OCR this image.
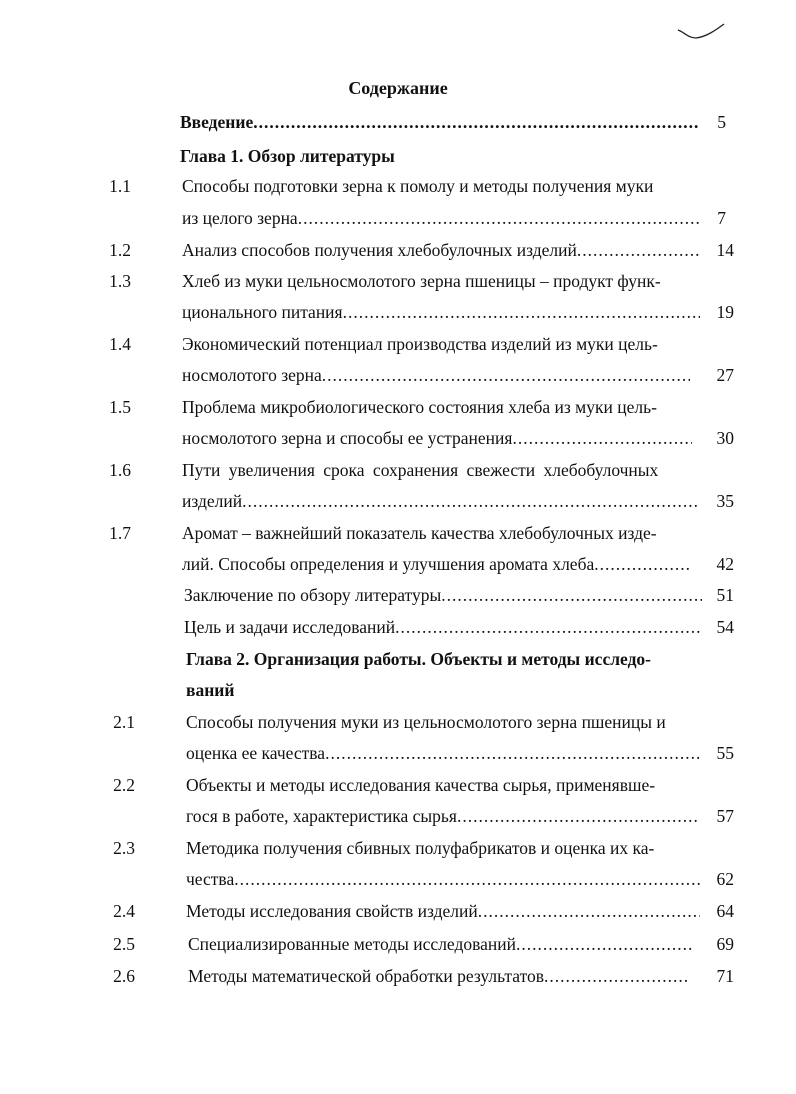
Содержание
Введение .....	5
Глава 1. Обзор литературы
1.1	Способы подготовки зерна к помолу и методы получения муки
из целого зерна .....	7
1.2	Анализ способов получения хлебобулочных изделий .....	14
1.3	Хлеб из муки цельносмолотого зерна пшеницы – продукт функ-
ционального питания .....	19
1.4	Экономический потенциал производства изделий из муки цель-
носмолотого зерна .....	27
1.5	Проблема микробиологического состояния хлеба из муки цель-
носмолотого зерна и способы ее устранения .....	30
1.6	Пути увеличения срока сохранения свежести хлебобулочных
изделий .....	35
1.7	Аромат – важнейший показатель качества хлебобулочных изде-
лий. Способы определения и улучшения аромата хлеба .....	42
Заключение по обзору литературы .....	51
Цель и задачи исследований .....	54
Глава 2. Организация работы. Объекты и методы исследо-
ваний
2.1	Способы получения муки из цельносмолотого зерна пшеницы и
оценка ее качества .....	55
2.2	Объекты и методы исследования качества сырья, применявше-
гося в работе, характеристика сырья .....	57
2.3	Методика получения сбивных полуфабрикатов и оценка их ка-
чества .....	62
2.4	Методы исследования свойств изделий .....	64
2.5	Специализированные методы исследований .....	69
2.6	Методы математической обработки результатов .....	71
